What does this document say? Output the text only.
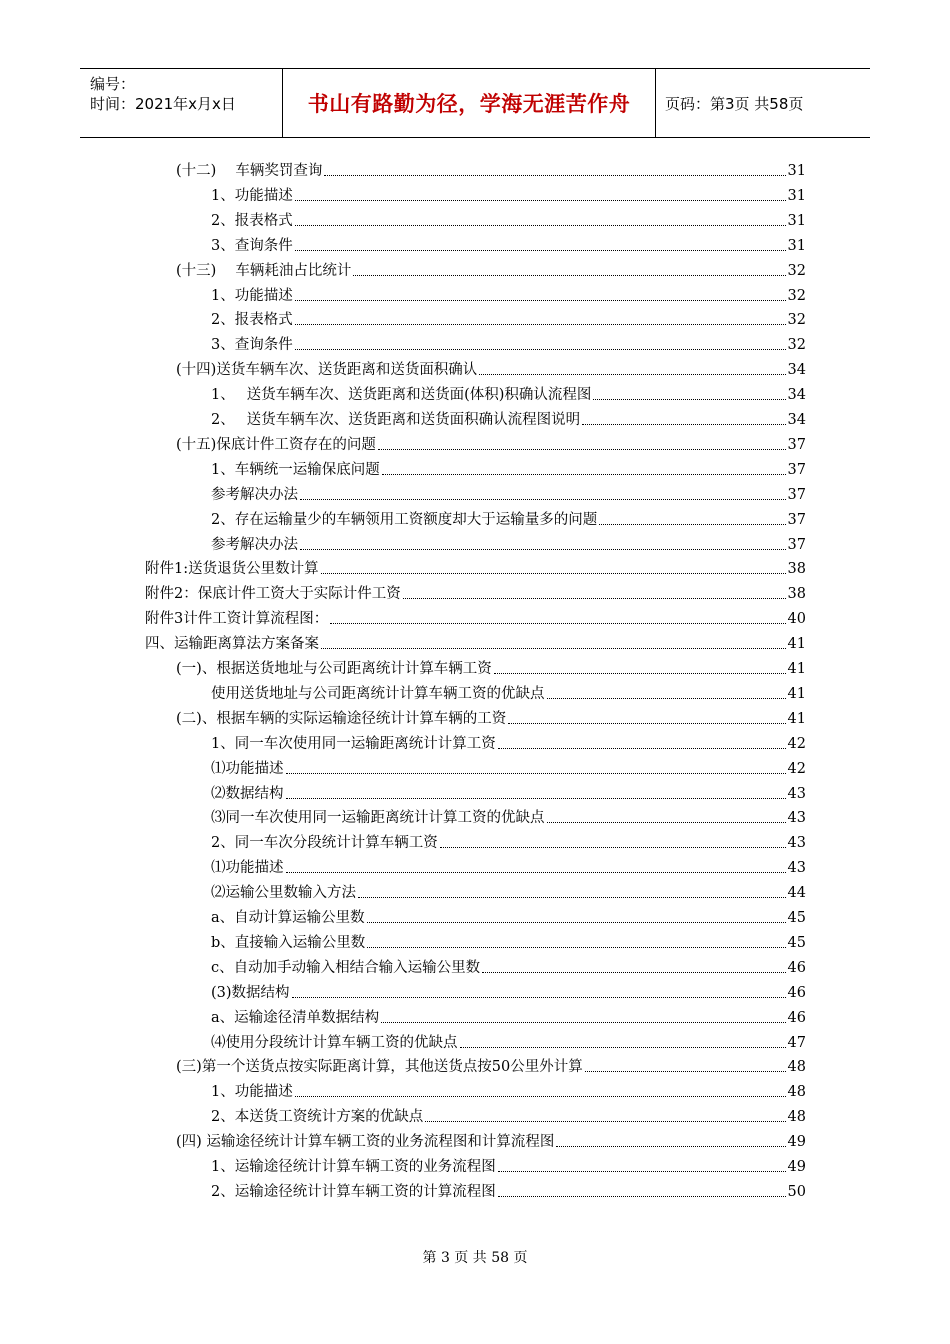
编号：
时间：2021年x月x日	书山有路勤为径，学海无涯苦作舟	页码：第3页 共58页
(十二)　 车辆奖罚查询	31
1、功能描述	31
2、报表格式	31
3、查询条件	31
(十三)　 车辆耗油占比统计	32
1、功能描述	32
2、报表格式	32
3、查询条件	32
(十四)送货车辆车次、送货距离和送货面积确认	34
1、　 送货车辆车次、送货距离和送货面(体积)积确认流程图	34
2、　 送货车辆车次、送货距离和送货面积确认流程图说明	34
(十五)保底计件工资存在的问题	37
1、车辆统一运输保底问题	37
参考解决办法	37
2、存在运输量少的车辆领用工资额度却大于运输量多的问题	37
参考解决办法	37
附件1:送货退货公里数计算	38
附件2：保底计件工资大于实际计件工资	38
附件3计件工资计算流程图：	40
四、运输距离算法方案备案	41
(一)、根据送货地址与公司距离统计计算车辆工资	41
使用送货地址与公司距离统计计算车辆工资的优缺点	41
(二)、根据车辆的实际运输途径统计计算车辆的工资	41
1、同一车次使用同一运输距离统计计算工资	42
⑴功能描述	42
⑵数据结构	43
⑶同一车次使用同一运输距离统计计算工资的优缺点	43
2、同一车次分段统计计算车辆工资	43
⑴功能描述	43
⑵运输公里数输入方法	44
a、自动计算运输公里数	45
b、直接输入运输公里数	45
c、自动加手动输入相结合输入运输公里数	46
(3)数据结构	46
a、运输途径清单数据结构	46
⑷使用分段统计计算车辆工资的优缺点	47
(三)第一个送货点按实际距离计算，其他送货点按50公里外计算	48
1、功能描述	48
2、本送货工资统计方案的优缺点	48
(四) 运输途径统计计算车辆工资的业务流程图和计算流程图	49
1、运输途径统计计算车辆工资的业务流程图	49
2、运输途径统计计算车辆工资的计算流程图	50
第 3 页 共 58 页
